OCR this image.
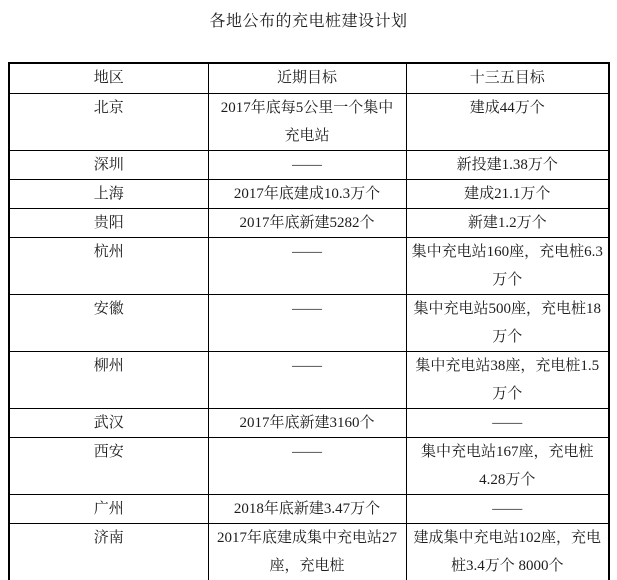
各地公布的充电桩建设计划
地区	近期目标	十三五目标
北京	2017年底每5公里一个集中充电站	建成44万个
深圳	——	新投建1.38万个
上海	2017年底建成10.3万个	建成21.1万个
贵阳	2017年底新建5282个	新建1.2万个
杭州	——	集中充电站160座，充电桩6.3万个
安徽	——	集中充电站500座，充电桩18万个
柳州	——	集中充电站38座，充电桩1.5万个
武汉	2017年底新建3160个	——
西安	——	集中充电站167座，充电桩4.28万个
广州	2018年底新建3.47万个	——
济南	2017年底建成集中充电站27座，充电桩	建成集中充电站102座，充电桩3.4万个 8000个
